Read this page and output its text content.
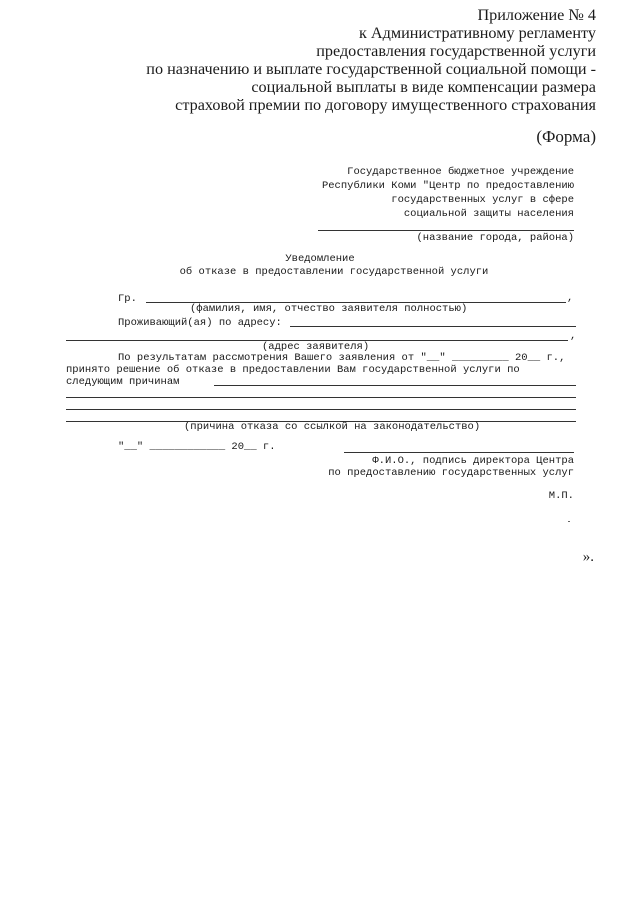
Приложение № 4
к Административному регламенту
предоставления государственной услуги
по назначению и выплате государственной социальной помощи -
социальной выплаты в виде компенсации размера
страховой премии по договору имущественного страхования
(Форма)
Государственное бюджетное учреждение
Республики Коми "Центр по предоставлению
государственных услуг в сфере
социальной защиты населения
(название города, района)
Уведомление
об отказе в предоставлении государственной услуги
Гр.	,
(фамилия, имя, отчество заявителя полностью)
Проживающий(ая) по адресу:
,
(адрес заявителя)
По результатам рассмотрения Вашего заявления от "__" _________ 20__ г.,
принято решение об отказе в предоставлении Вам государственной услуги по
следующим причинам
(причина отказа со ссылкой на законодательство)
"__" ____________ 20__ г.
Ф.И.О., подпись директора Центра
по предоставлению государственных услуг
М.П.
».
